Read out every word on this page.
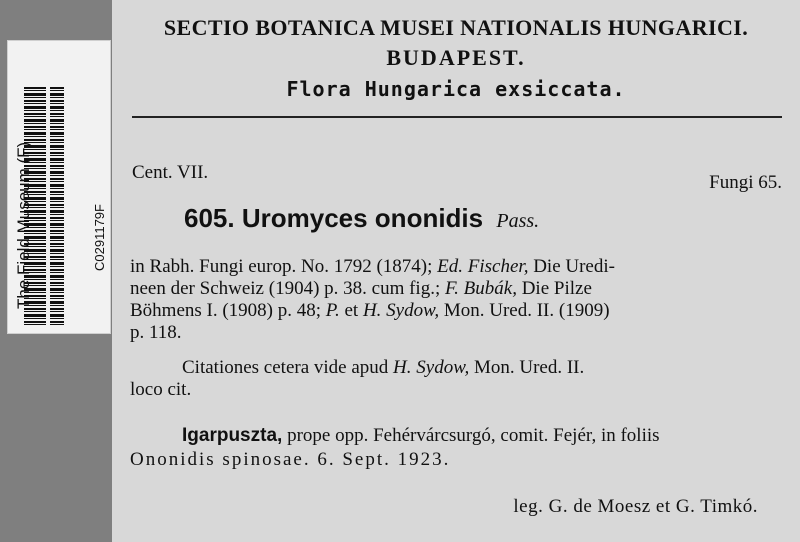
The Field Museum (F)	C0291179F
SECTIO BOTANICA MUSEI NATIONALIS HUNGARICI.
BUDAPEST.
Flora Hungarica exsiccata.
Cent. VII.	Fungi 65.
605. Uromyces ononidis Pass.
in Rabh. Fungi europ. No. 1792 (1874); Ed. Fischer, Die Uredi-
neen der Schweiz (1904) p. 38. cum fig.; F. Bubák, Die Pilze
Böhmens I. (1908) p. 48; P. et H. Sydow, Mon. Ured. II. (1909)
p. 118.
Citationes cetera vide apud H. Sydow, Mon. Ured. II.
loco cit.
Igarpuszta, prope opp. Fehérvárcsurgó, comit. Fejér, in foliis
Ononidis spinosae. 6. Sept. 1923.
leg. G. de Moesz et G. Timkó.
